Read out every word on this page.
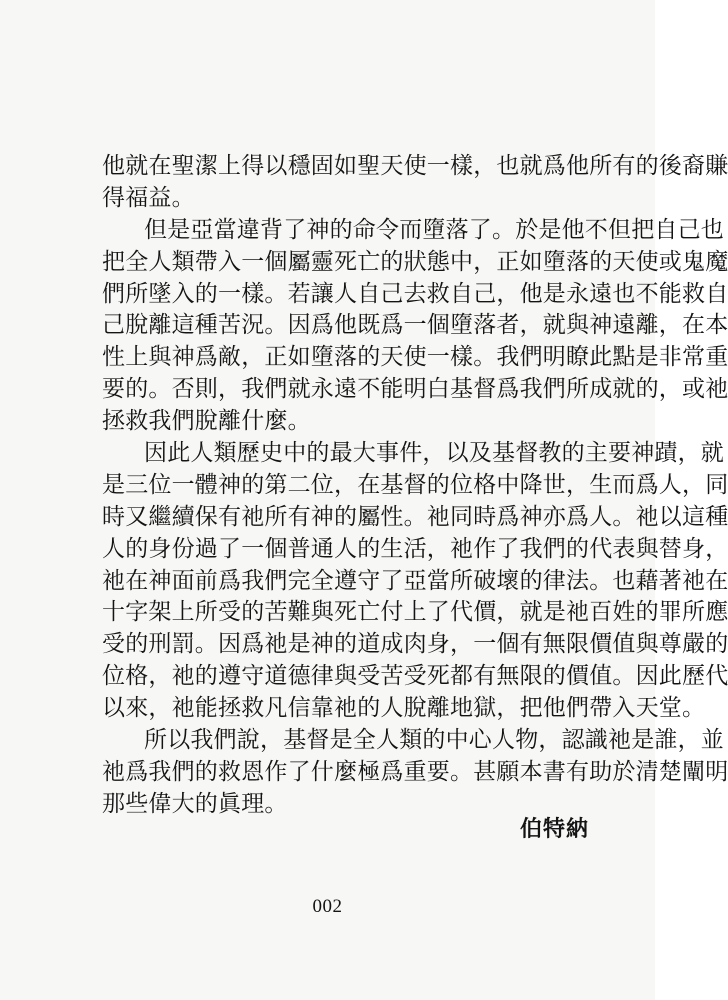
他就在聖潔上得以穩固如聖天使一樣，也就爲他所有的後裔賺
得福益。
但是亞當違背了神的命令而墮落了。於是他不但把自己也
把全人類帶入一個屬靈死亡的狀態中，正如墮落的天使或鬼魔
們所墜入的一樣。若讓人自己去救自己，他是永遠也不能救自
己脫離這種苦況。因爲他既爲一個墮落者，就與神遠離，在本
性上與神爲敵，正如墮落的天使一樣。我們明瞭此點是非常重
要的。否則，我們就永遠不能明白基督爲我們所成就的，或祂
拯救我們脫離什麼。
因此人類歷史中的最大事件，以及基督教的主要神蹟，就
是三位一體神的第二位，在基督的位格中降世，生而爲人，同
時又繼續保有祂所有神的屬性。祂同時爲神亦爲人。祂以這種
人的身份過了一個普通人的生活，祂作了我們的代表與替身，
祂在神面前爲我們完全遵守了亞當所破壞的律法。也藉著祂在
十字架上所受的苦難與死亡付上了代價，就是祂百姓的罪所應
受的刑罰。因爲祂是神的道成肉身，一個有無限價值與尊嚴的
位格，祂的遵守道德律與受苦受死都有無限的價值。因此歷代
以來，祂能拯救凡信靠祂的人脫離地獄，把他們帶入天堂。
所以我們說，基督是全人類的中心人物，認識祂是誰，並
祂爲我們的救恩作了什麼極爲重要。甚願本書有助於清楚闡明
那些偉大的眞理。
伯特納
002
